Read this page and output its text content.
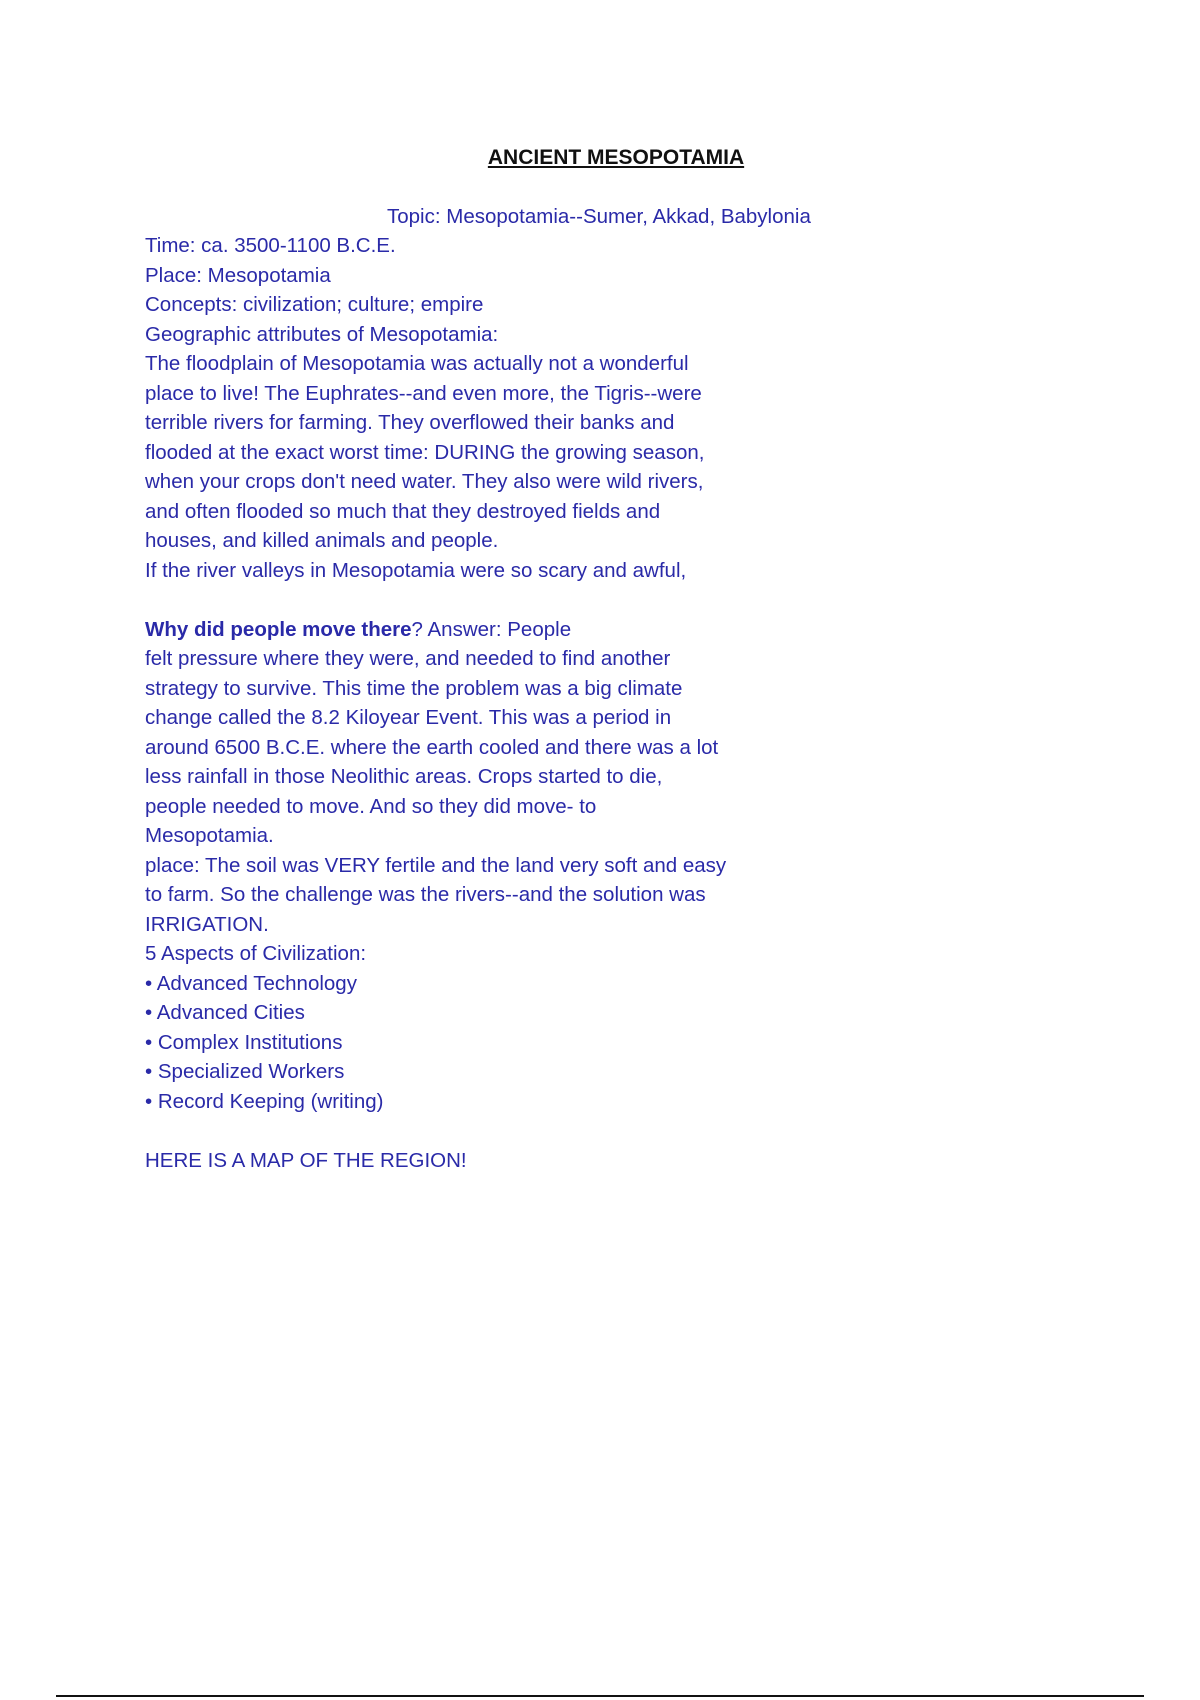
ANCIENT MESOPOTAMIA
Topic: Mesopotamia--Sumer, Akkad, Babylonia
Time: ca. 3500-1100 B.C.E.
Place: Mesopotamia
Concepts: civilization; culture; empire
Geographic attributes of Mesopotamia:
The floodplain of Mesopotamia was actually not a wonderful
place to live! The Euphrates--and even more, the Tigris--were
terrible rivers for farming. They overflowed their banks and
flooded at the exact worst time: DURING the growing season,
when your crops don't need water. They also were wild rivers,
and often flooded so much that they destroyed fields and
houses, and killed animals and people.
If the river valleys in Mesopotamia were so scary and awful,
Why did people move there? Answer: People
felt pressure where they were, and needed to find another
strategy to survive. This time the problem was a big climate
change called the 8.2 Kiloyear Event. This was a period in
around 6500 B.C.E. where the earth cooled and there was a lot
less rainfall in those Neolithic areas. Crops started to die,
people needed to move. And so they did move- to
Mesopotamia.
place: The soil was VERY fertile and the land very soft and easy
to farm. So the challenge was the rivers--and the solution was
IRRIGATION.
5 Aspects of Civilization:
• Advanced Technology
• Advanced Cities
• Complex Institutions
• Specialized Workers
• Record Keeping (writing)
HERE IS A MAP OF THE REGION!
